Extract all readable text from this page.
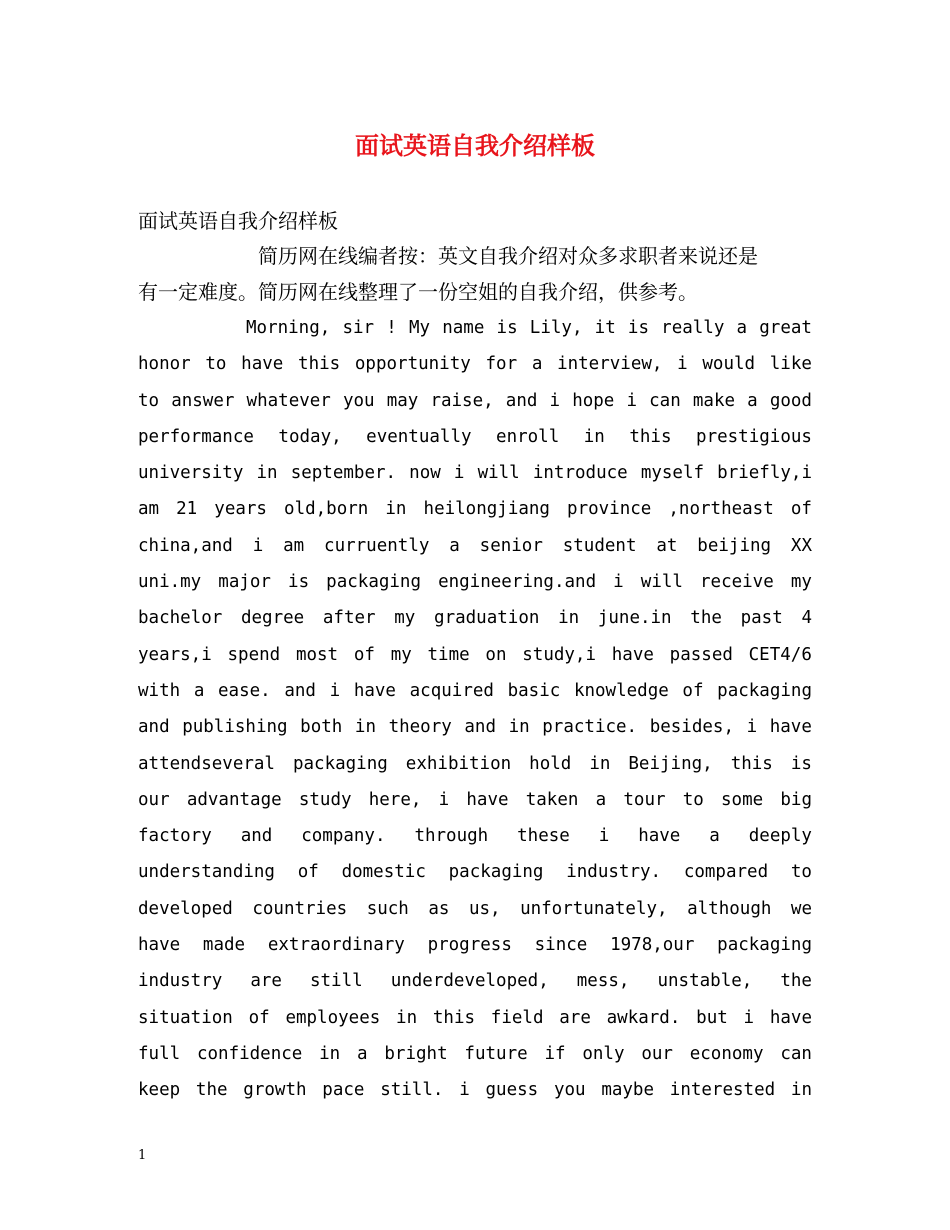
面试英语自我介绍样板

面试英语自我介绍样板

简历网在线编者按：英文自我介绍对众多求职者来说还是

有一定难度。简历网在线整理了一份空姐的自我介绍，供参考。

Morning, sir ! My name is Lily, it is really a great
honor to have this opportunity for a interview, i would like
to answer whatever you may raise, and i hope i can make a good
performance today, eventually enroll in this prestigious
university in september. now i will introduce myself briefly,i
am 21 years old,born in heilongjiang province ,northeast of
china,and i am curruently a senior student at beijing XX
uni.my major is packaging engineering.and i will receive my
bachelor degree after my graduation in june.in the past 4
years,i spend most of my time on study,i have passed CET4/6
with a ease. and i have acquired basic knowledge of packaging
and publishing both in theory and in practice. besides, i have
attendseveral packaging exhibition hold in Beijing, this is
our advantage study here, i have taken a tour to some big
factory and company. through these i have a deeply
understanding of domestic packaging industry. compared to
developed countries such as us, unfortunately, although we
have made extraordinary progress since 1978,our packaging
industry are still underdeveloped, mess, unstable, the
situation of employees in this field are awkard. but i have
full confidence in a bright future if only our economy can
keep the growth pace still. i guess you maybe interested in

1
